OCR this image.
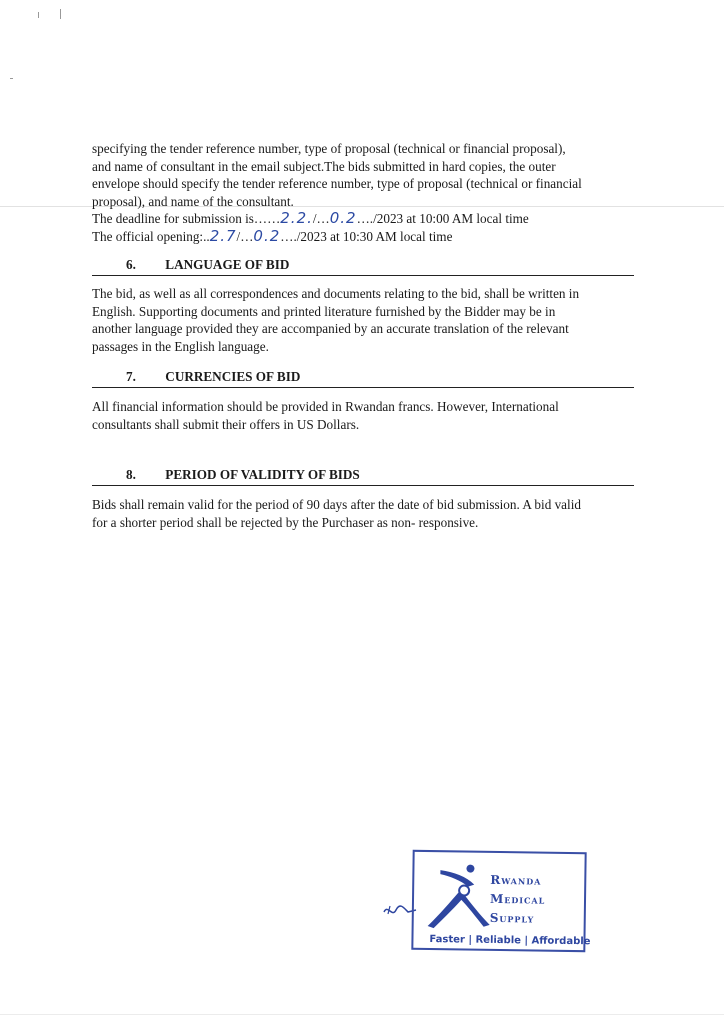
specifying the tender reference number, type of proposal (technical or financial proposal),
and name of consultant in the email subject.The bids submitted in hard copies, the outer
envelope should specify the tender reference number, type of proposal (technical or financial
proposal), and name of the consultant.
The deadline for submission is……2.2./…0.2…./2023 at 10:00 AM local time
The official opening:..2.7/…0.2…./2023 at 10:30 AM local time
6. LANGUAGE OF BID
The bid, as well as all correspondences and documents relating to the bid, shall be written in
English. Supporting documents and printed literature furnished by the Bidder may be in
another language provided they are accompanied by an accurate translation of the relevant
passages in the English language.
7. CURRENCIES OF BID
All financial information should be provided in Rwandan francs. However, International
consultants shall submit their offers in US Dollars.
8. PERIOD OF VALIDITY OF BIDS
Bids shall remain valid for the period of 90 days after the date of bid submission. A bid valid
for a shorter period shall be rejected by the Purchaser as non- responsive.
Rwanda
Medical
Supply
Faster | Reliable | Affordable
